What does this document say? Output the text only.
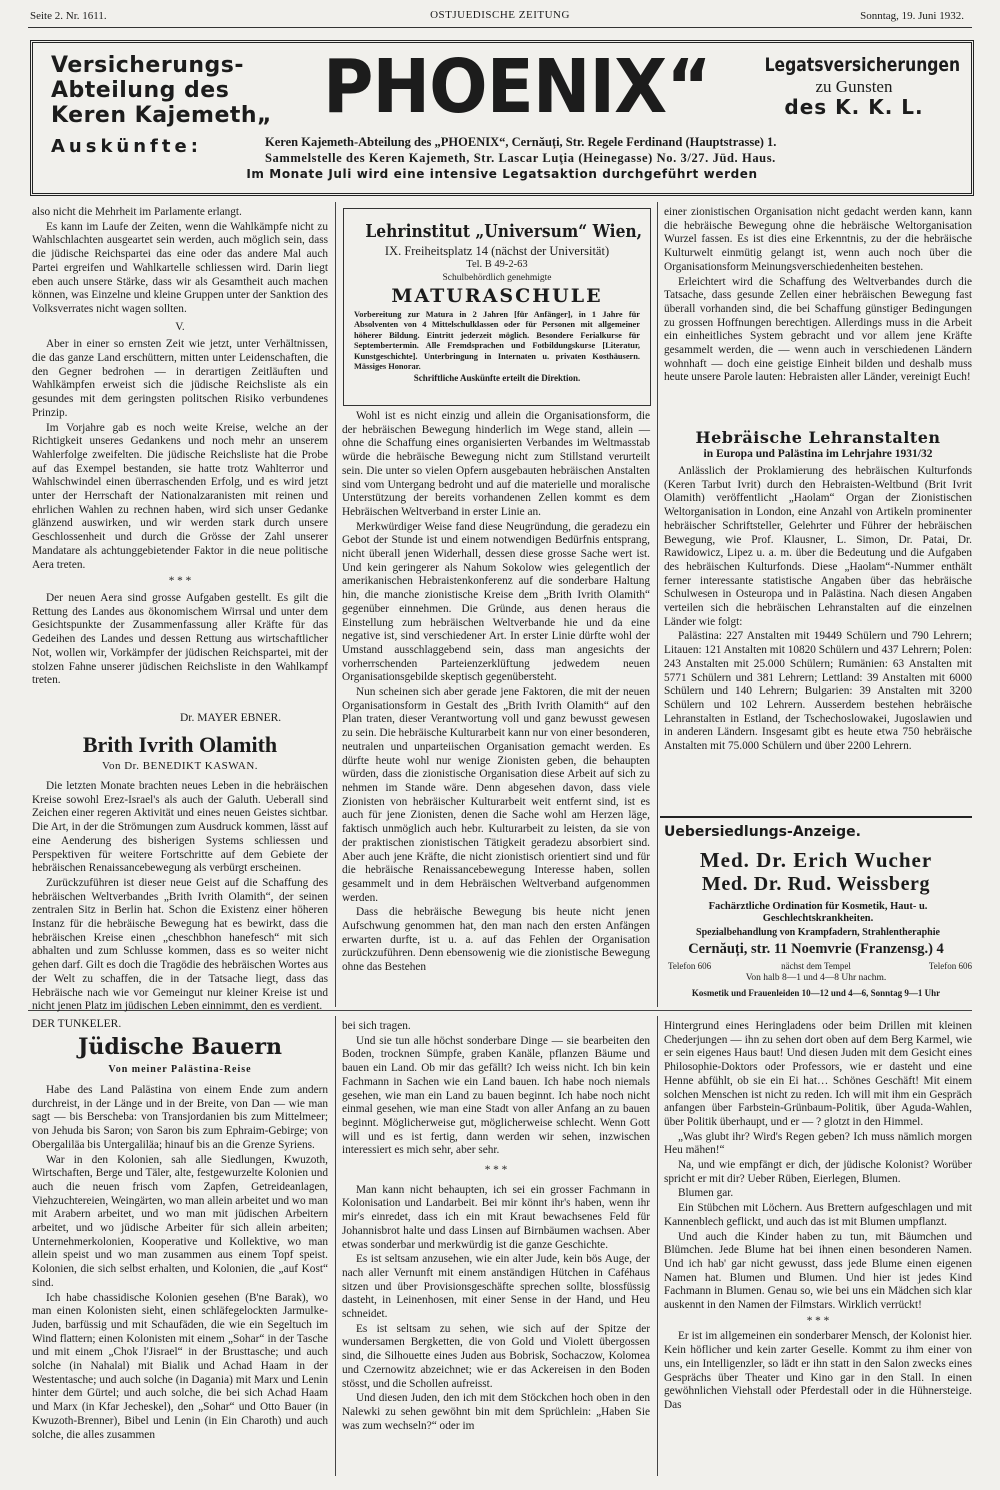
Seite 2. Nr. 1611.	OSTJUEDISCHE ZEITUNG	Sonntag, 19. Juni 1932.
Versicherungs-
Abteilung des
Keren Kajemeth„ PHOENIX“	Legatsversicherungen
zu Gunsten
des K. K. L.
Auskünfte:	Keren Kajemeth-Abteilung des „PHOENIX“, Cernăuți, Str. Regele Ferdinand (Hauptstrasse) 1.
Sammelstelle des Keren Kajemeth, Str. Lascar Luţia (Heinegasse) No. 3/27. Jüd. Haus.
Im Monate Juli wird eine intensive Legatsaktion durchgeführt werden

also nicht die Mehrheit im Parlamente erlangt.

Es kann im Laufe der Zeiten, wenn die Wahlkämpfe nicht zu Wahlschlachten ausgeartet sein werden, auch möglich sein, dass die jüdische Reichspartei das eine oder das andere Mal auch Partei ergreifen und Wahlkartelle schliessen wird. Darin liegt eben auch unsere Stärke, dass wir als Gesamtheit auch machen können, was Einzelne und kleine Gruppen unter der Sanktion des Volksverrates nicht wagen sollten.

V.

Aber in einer so ernsten Zeit wie jetzt, unter Verhältnissen, die das ganze Land erschüttern, mitten unter Leidenschaften, die den Gegner bedrohen — in derartigen Zeitläuften und Wahlkämpfen erweist sich die jüdische Reichsliste als ein gesundes mit dem geringsten politschen Risiko verbundenes Prinzip.

Im Vorjahre gab es noch weite Kreise, welche an der Richtigkeit unseres Gedankens und noch mehr an unserem Wahlerfolge zweifelten. Die jüdische Reichsliste hat die Probe auf das Exempel bestanden, sie hatte trotz Wahlterror und Wahlschwindel einen überraschenden Erfolg, und es wird jetzt unter der Herrschaft der Nationalzaranisten mit reinen und ehrlichen Wahlen zu rechnen haben, wird sich unser Gedanke glänzend auswirken, und wir werden stark durch unsere Geschlossenheit und durch die Grösse der Zahl unserer Mandatare als achtunggebietender Faktor in die neue politische Aera treten.

* * *

Der neuen Aera sind grosse Aufgaben gestellt. Es gilt die Rettung des Landes aus ökonomischem Wirrsal und unter dem Gesichtspunkte der Zusammenfassung aller Kräfte für das Gedeihen des Landes und dessen Rettung aus wirtschaftlicher Not, wollen wir, Vorkämpfer der jüdischen Reichspartei, mit der stolzen Fahne unserer jüdischen Reichsliste in den Wahlkampf treten.

Dr. MAYER EBNER.
Brith Ivrith Olamith
Von Dr. BENEDIKT KASWAN.

Die letzten Monate brachten neues Leben in die hebräischen Kreise sowohl Erez-Israel's als auch der Galuth. Ueberall sind Zeichen einer regeren Aktivität und eines neuen Geistes sichtbar. Die Art, in der die Strömungen zum Ausdruck kommen, lässt auf eine Aenderung des bisherigen Systems schliessen und Perspektiven für weitere Fortschritte auf dem Gebiete der hebräischen Renaissancebewegung als verbürgt erscheinen.

Zurückzuführen ist dieser neue Geist auf die Schaffung des hebräischen Weltverbandes „Brith Ivrith Olamith“, der seinen zentralen Sitz in Berlin hat. Schon die Existenz einer höheren Instanz für die hebräische Bewegung hat es bewirkt, dass die hebräischen Kreise einen „cheschbhon hanefesch“ mit sich abhalten und zum Schlusse kommen, dass es so weiter nicht gehen darf. Gilt es doch die Tragödie des hebräischen Wortes aus der Welt zu schaffen, die in der Tatsache liegt, dass das Hebräische nach wie vor Gemeingut nur kleiner Kreise ist und nicht jenen Platz im jüdischen Leben einnimmt, den es verdient.

Lehrinstitut „Universum“ Wien,
IX. Freiheitsplatz 14 (nächst der Universität)
Tel. B 49-2-63
Schulbehördlich genehmigte
MATURASCHULE
Vorbereitung zur Matura in 2 Jahren [für Anfänger], in 1 Jahre für Absolventen von 4 Mittelschulklassen oder für Personen mit allgemeiner höherer Bildung. Eintritt jederzeit möglich. Besondere Ferialkurse für Septembertermin. Alle Fremdsprachen und Fotbildungskurse [Literatur, Kunstgeschichte]. Unterbringung in Internaten u. privaten Kosthäusern. Mässiges Honorar.
Schriftliche Auskünfte erteilt die Direktion.

Wohl ist es nicht einzig und allein die Organisationsform, die der hebräischen Bewegung hinderlich im Wege stand, allein — ohne die Schaffung eines organisierten Verbandes im Weltmasstab würde die hebräische Bewegung nicht zum Stillstand verurteilt sein. Die unter so vielen Opfern ausgebauten hebräischen Anstalten sind vom Untergang bedroht und auf die materielle und moralische Unterstützung der bereits vorhandenen Zellen kommt es dem Hebräischen Weltverband in erster Linie an.

Merkwürdiger Weise fand diese Neugründung, die geradezu ein Gebot der Stunde ist und einem notwendigen Bedürfnis entsprang, nicht überall jenen Widerhall, dessen diese grosse Sache wert ist. Und kein geringerer als Nahum Sokolow wies gelegentlich der amerikanischen Hebraistenkonferenz auf die sonderbare Haltung hin, die manche zionistische Kreise dem „Brith Ivrith Olamith“ gegenüber einnehmen. Die Gründe, aus denen heraus die Einstellung zum hebräischen Weltverbande hie und da eine negative ist, sind verschiedener Art. In erster Linie dürfte wohl der Umstand ausschlaggebend sein, dass man angesichts der vorherrschenden Parteienzerklüftung jedwedem neuen Organisationsgebilde skeptisch gegenübersteht.

Nun scheinen sich aber gerade jene Faktoren, die mit der neuen Organisationsform in Gestalt des „Brith Ivrith Olamith“ auf den Plan traten, dieser Verantwortung voll und ganz bewusst gewesen zu sein. Die hebräische Kulturarbeit kann nur von einer besonderen, neutralen und unparteiischen Organisation gemacht werden. Es dürfte heute wohl nur wenige Zionisten geben, die behaupten würden, dass die zionistische Organisation diese Arbeit auf sich zu nehmen im Stande wäre. Denn abgesehen davon, dass viele Zionisten von hebräischer Kulturarbeit weit entfernt sind, ist es auch für jene Zionisten, denen die Sache wohl am Herzen läge, faktisch unmöglich auch hebr. Kulturarbeit zu leisten, da sie von der praktischen zionistischen Tätigkeit geradezu absorbiert sind. Aber auch jene Kräfte, die nicht zionistisch orientiert sind und für die hebräische Renaissancebewegung Interesse haben, sollen gesammelt und in dem Hebräischen Weltverband aufgenommen werden.

Dass die hebräische Bewegung bis heute nicht jenen Aufschwung genommen hat, den man nach den ersten Anfängen erwarten durfte, ist u. a. auf das Fehlen der Organisation zurückzuführen. Denn ebensowenig wie die zionistische Bewegung ohne das Bestehen

einer zionistischen Organisation nicht gedacht werden kann, kann die hebräische Bewegung ohne die hebräische Weltorganisation Wurzel fassen. Es ist dies eine Erkenntnis, zu der die hebräische Kulturwelt einmütig gelangt ist, wenn auch noch über die Organisationsform Meinungsverschiedenheiten bestehen.

Erleichtert wird die Schaffung des Weltverbandes durch die Tatsache, dass gesunde Zellen einer hebräischen Bewegung fast überall vorhanden sind, die bei Schaffung günstiger Bedingungen zu grossen Hoffnungen berechtigen. Allerdings muss in die Arbeit ein einheitliches System gebracht und vor allem jene Kräfte gesammelt werden, die — wenn auch in verschiedenen Ländern wohnhaft — doch eine geistige Einheit bilden und deshalb muss heute unsere Parole lauten: Hebraisten aller Länder, vereinigt Euch!

Hebräische Lehranstalten
in Europa und Palästina im Lehrjahre 1931/32

Anlässlich der Proklamierung des hebräischen Kulturfonds (Keren Tarbut Ivrit) durch den Hebraisten-Weltbund (Brit Ivrit Olamith) veröffentlicht „Haolam“ Organ der Zionistischen Weltorganisation in London, eine Anzahl von Artikeln prominenter hebräischer Schriftsteller, Gelehrter und Führer der hebräischen Bewegung, wie Prof. Klausner, L. Simon, Dr. Patai, Dr. Rawidowicz, Lipez u. a. m. über die Bedeutung und die Aufgaben des hebräischen Kulturfonds. Diese „Haolam“-Nummer enthält ferner interessante statistische Angaben über das hebräische Schulwesen in Osteuropa und in Palästina. Nach diesen Angaben verteilen sich die hebräischen Lehranstalten auf die einzelnen Länder wie folgt:

Palästina: 227 Anstalten mit 19449 Schülern und 790 Lehrern; Litauen: 121 Anstalten mit 10820 Schülern und 437 Lehrern; Polen: 243 Anstalten mit 25.000 Schülern; Rumänien: 63 Anstalten mit 5771 Schülern und 381 Lehrern; Lettland: 39 Anstalten mit 6000 Schülern und 140 Lehrern; Bulgarien: 39 Anstalten mit 3200 Schülern und 102 Lehrern. Ausserdem bestehen hebräische Lehranstalten in Estland, der Tschechoslowakei, Jugoslawien und in anderen Ländern. Insgesamt gibt es heute etwa 750 hebräische Anstalten mit 75.000 Schülern und über 2200 Lehrern.

Uebersiedlungs-Anzeige.
Med. Dr. Erich Wucher
Med. Dr. Rud. Weissberg
Fachärztliche Ordination für Kosmetik, Haut- u. Geschlechtskrankheiten.
Spezialbehandlung von Krampfadern, Strahlentheraphie
Cernăuți, str. 11 Noemvrie (Franzensg.) 4
Telefon 606	nächst dem Tempel	Telefon 606
Von halb 8—1 und 4—8 Uhr nachm.
Kosmetik und Frauenleiden 10—12 und 4—6, Sonntag 9—1 Uhr
DER TUNKELER.
Jüdische Bauern
Von meiner Palästina-Reise

Habe des Land Palästina von einem Ende zum andern durchreist, in der Länge und in der Breite, von Dan — wie man sagt — bis Berscheba: von Transjordanien bis zum Mittelmeer; von Jehuda bis Saron; von Saron bis zum Ephraim-Gebirge; von Obergaliläa bis Untergaliläa; hinauf bis an die Grenze Syriens.

War in den Kolonien, sah alle Siedlungen, Kwuzoth, Wirtschaften, Berge und Täler, alte, festgewurzelte Kolonien und auch die neuen frisch vom Zapfen, Getreideanlagen, Viehzuchtereien, Weingärten, wo man allein arbeitet und wo man mit Arabern arbeitet, und wo man mit jüdischen Arbeitern arbeitet, und wo jüdische Arbeiter für sich allein arbeiten; Unternehmerkolonien, Kooperative und Kollektive, wo man allein speist und wo man zusammen aus einem Topf speist. Kolonien, die sich selbst erhalten, und Kolonien, die „auf Kost“ sind.

Ich habe chassidische Kolonien gesehen (B'ne Barak), wo man einen Kolonisten sieht, einen schläfegelockten Jarmulke-Juden, barfüssig und mit Schaufäden, die wie ein Segeltuch im Wind flattern; einen Kolonisten mit einem „Sohar“ in der Tasche und mit einem „Chok l'Jisrael“ in der Brusttasche; und auch solche (in Nahalal) mit Bialik und Achad Haam in der Westentasche; und auch solche (in Dagania) mit Marx und Lenin hinter dem Gürtel; und auch solche, die bei sich Achad Haam und Marx (in Kfar Jecheskel), den „Sohar“ und Otto Bauer (in Kwuzoth-Brenner), Bibel und Lenin (in Ein Charoth) und auch solche, die alles zusammen

bei sich tragen.

Und sie tun alle höchst sonderbare Dinge — sie bearbeiten den Boden, trocknen Sümpfe, graben Kanäle, pflanzen Bäume und bauen ein Land. Ob mir das gefällt? Ich weiss nicht. Ich bin kein Fachmann in Sachen wie ein Land bauen. Ich habe noch niemals gesehen, wie man ein Land zu bauen beginnt. Ich habe noch nicht einmal gesehen, wie man eine Stadt von aller Anfang an zu bauen beginnt. Möglicherweise gut, möglicherweise schlecht. Wenn Gott will und es ist fertig, dann werden wir sehen, inzwischen interessiert es mich sehr, aber sehr.

* * *

Man kann nicht behaupten, ich sei ein grosser Fachmann in Kolonisation und Landarbeit. Bei mir könnt ihr's haben, wenn ihr mir's einredet, dass ich ein mit Kraut bewachsenes Feld für Johannisbrot halte und dass Linsen auf Birnbäumen wachsen. Aber etwas sonderbar und merkwürdig ist die ganze Geschichte.

Es ist seltsam anzusehen, wie ein alter Jude, kein bös Auge, der nach aller Vernunft mit einem anständigen Hütchen in Caféhaus sitzen und über Provisionsgeschäfte sprechen sollte, blossfüssig dasteht, in Leinenhosen, mit einer Sense in der Hand, und Heu schneidet.

Es ist seltsam zu sehen, wie sich auf der Spitze der wundersamen Bergketten, die von Gold und Violett übergossen sind, die Silhouette eines Juden aus Bobrisk, Sochaczow, Kolomea und Czernowitz abzeichnet; wie er das Ackereisen in den Boden stösst, und die Schollen aufreisst.

Und diesen Juden, den ich mit dem Stöckchen hoch oben in den Nalewki zu sehen gewöhnt bin mit dem Sprüchlein: „Haben Sie was zum wechseln?“ oder im

Hintergrund eines Heringladens oder beim Drillen mit kleinen Chederjungen — ihn zu sehen dort oben auf dem Berg Karmel, wie er sein eigenes Haus baut! Und diesen Juden mit dem Gesicht eines Philosophie-Doktors oder Professors, wie er dasteht und eine Henne abfühlt, ob sie ein Ei hat… Schönes Geschäft! Mit einem solchen Menschen ist nicht zu reden. Ich will mit ihm ein Gespräch anfangen über Farbstein-Grünbaum-Politik, über Aguda-Wahlen, über Politik überhaupt, und er — ? glotzt in den Himmel.

„Was glubt ihr? Wird's Regen geben? Ich muss nämlich morgen Heu mähen!“

Na, und wie empfängt er dich, der jüdische Kolonist? Worüber spricht er mit dir? Ueber Rüben, Eierlegen, Blumen.

Blumen gar.

Ein Stübchen mit Löchern. Aus Brettern aufgeschlagen und mit Kannenblech geflickt, und auch das ist mit Blumen umpflanzt.

Und auch die Kinder haben zu tun, mit Bäumchen und Blümchen. Jede Blume hat bei ihnen einen besonderen Namen. Und ich hab' gar nicht gewusst, dass jede Blume einen eigenen Namen hat. Blumen und Blumen. Und hier ist jedes Kind Fachmann in Blumen. Genau so, wie bei uns ein Mädchen sich klar auskennt in den Namen der Filmstars. Wirklich verrückt!

* * *

Er ist im allgemeinen ein sonderbarer Mensch, der Kolonist hier. Kein höflicher und kein zarter Geselle. Kommt zu ihm einer von uns, ein Intelligenzler, so lädt er ihn statt in den Salon zwecks eines Gesprächs über Theater und Kino gar in den Stall. In einen gewöhnlichen Viehstall oder Pferdestall oder in die Hühnersteige. Das
